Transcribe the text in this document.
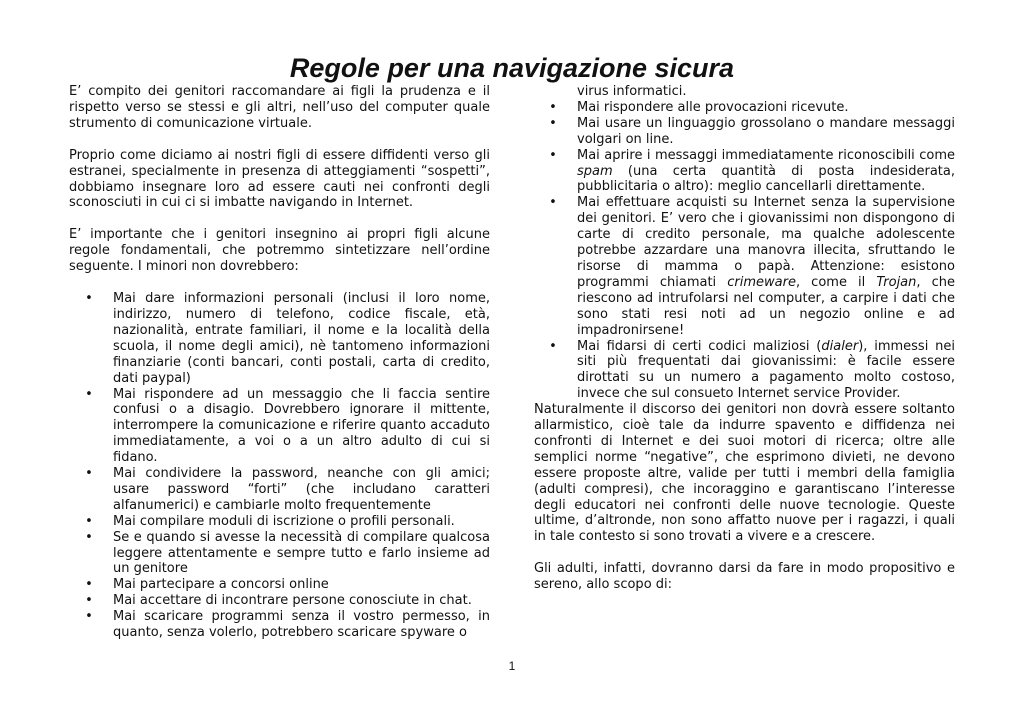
Regole per una navigazione sicura

E’ compito dei genitori raccomandare ai figli la prudenza e il rispetto verso se stessi e gli altri, nell’uso del computer quale strumento di comunicazione virtuale.

Proprio come diciamo ai nostri figli di essere diffidenti verso gli estranei, specialmente in presenza di atteggiamenti “sospetti”, dobbiamo insegnare loro ad essere cauti nei confronti degli sconosciuti in cui ci si imbatte navigando in Internet.

E’ importante che i genitori insegnino ai propri figli alcune regole fondamentali, che potremmo sintetizzare nell’ordine seguente. I minori non dovrebbero:

• Mai dare informazioni personali (inclusi il loro nome, indirizzo, numero di telefono, codice fiscale, età, nazionalità, entrate familiari, il nome e la località della scuola, il nome degli amici), nè tantomeno informazioni finanziarie (conti bancari, conti postali, carta di credito, dati paypal)
• Mai rispondere ad un messaggio che li faccia sentire confusi o a disagio. Dovrebbero ignorare il mittente, interrompere la comunicazione e riferire quanto accaduto immediatamente, a voi o a un altro adulto di cui si fidano.
• Mai condividere la password, neanche con gli amici; usare password “forti” (che includano caratteri alfanumerici) e cambiarle molto frequentemente
• Mai compilare moduli di iscrizione o profili personali.
• Se e quando si avesse la necessità di compilare qualcosa leggere attentamente e sempre tutto e farlo insieme ad un genitore
• Mai partecipare a concorsi online
• Mai accettare di incontrare persone conosciute in chat.
• Mai scaricare programmi senza il vostro permesso, in quanto, senza volerlo, potrebbero scaricare spyware o
virus informatici.
• Mai rispondere alle provocazioni ricevute.
• Mai usare un linguaggio grossolano o mandare messaggi volgari on line.
• Mai aprire i messaggi immediatamente riconoscibili come spam (una certa quantità di posta indesiderata, pubblicitaria o altro): meglio cancellarli direttamente.
• Mai effettuare acquisti su Internet senza la supervisione dei genitori. E’ vero che i giovanissimi non dispongono di carte di credito personale, ma qualche adolescente potrebbe azzardare una manovra illecita, sfruttando le risorse di mamma o papà. Attenzione: esistono programmi chiamati crimeware, come il Trojan, che riescono ad intrufolarsi nel computer, a carpire i dati che sono stati resi noti ad un negozio online e ad impadronirsene!
• Mai fidarsi di certi codici maliziosi (dialer), immessi nei siti più frequentati dai giovanissimi: è facile essere dirottati su un numero a pagamento molto costoso, invece che sul consueto Internet service Provider.

Naturalmente il discorso dei genitori non dovrà essere soltanto allarmistico, cioè tale da indurre spavento e diffidenza nei confronti di Internet e dei suoi motori di ricerca; oltre alle semplici norme “negative”, che esprimono divieti, ne devono essere proposte altre, valide per tutti i membri della famiglia (adulti compresi), che incoraggino e garantiscano l’interesse degli educatori nei confronti delle nuove tecnologie. Queste ultime, d’altronde, non sono affatto nuove per i ragazzi, i quali in tale contesto si sono trovati a vivere e a crescere.

Gli adulti, infatti, dovranno darsi da fare in modo propositivo e sereno, allo scopo di:

1
